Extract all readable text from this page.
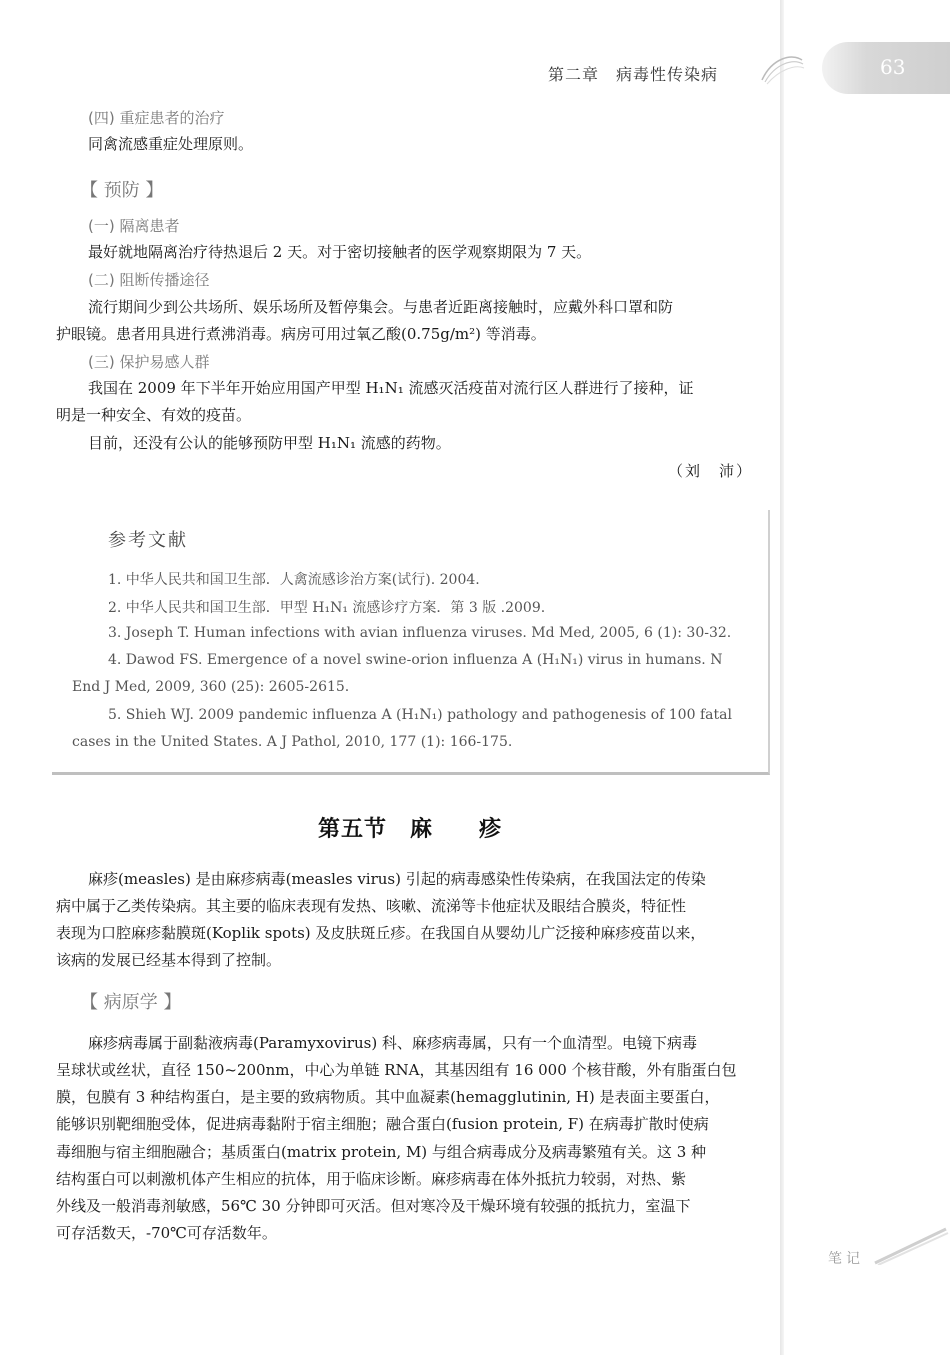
第二章　病毒性传染病	63
(四) 重症患者的治疗
同禽流感重症处理原则。
【 预防 】
(一) 隔离患者
最好就地隔离治疗待热退后 2 天。对于密切接触者的医学观察期限为 7 天。
(二) 阻断传播途径
流行期间少到公共场所、娱乐场所及暂停集会。与患者近距离接触时，应戴外科口罩和防
护眼镜。患者用具进行煮沸消毒。病房可用过氧乙酸(0.75g/m²) 等消毒。
(三) 保护易感人群
我国在 2009 年下半年开始应用国产甲型 H₁N₁ 流感灭活疫苗对流行区人群进行了接种，证
明是一种安全、有效的疫苗。
目前，还没有公认的能够预防甲型 H₁N₁ 流感的药物。
（刘　沛）
参考文献
1. 中华人民共和国卫生部．人禽流感诊治方案(试行). 2004.
2. 中华人民共和国卫生部．甲型 H₁N₁ 流感诊疗方案．第 3 版 .2009.
3. Joseph T. Human infections with avian influenza viruses. Md Med, 2005, 6 (1): 30-32.
4. Dawod FS. Emergence of a novel swine-orion influenza A (H₁N₁) virus in humans. N
End J Med, 2009, 360 (25): 2605-2615.
5. Shieh WJ. 2009 pandemic influenza A (H₁N₁) pathology and pathogenesis of 100 fatal
cases in the United States. A J Pathol, 2010, 177 (1): 166-175.
第五节　麻　　疹
麻疹(measles) 是由麻疹病毒(measles virus) 引起的病毒感染性传染病，在我国法定的传染
病中属于乙类传染病。其主要的临床表现有发热、咳嗽、流涕等卡他症状及眼结合膜炎，特征性
表现为口腔麻疹黏膜斑(Koplik spots) 及皮肤斑丘疹。在我国自从婴幼儿广泛接种麻疹疫苗以来，
该病的发展已经基本得到了控制。
【 病原学 】
麻疹病毒属于副黏液病毒(Paramyxovirus) 科、麻疹病毒属，只有一个血清型。电镜下病毒
呈球状或丝状，直径 150~200nm，中心为单链 RNA，其基因组有 16 000 个核苷酸，外有脂蛋白包
膜，包膜有 3 种结构蛋白，是主要的致病物质。其中血凝素(hemagglutinin, H) 是表面主要蛋白，
能够识别靶细胞受体，促进病毒黏附于宿主细胞；融合蛋白(fusion protein, F) 在病毒扩散时使病
毒细胞与宿主细胞融合；基质蛋白(matrix protein, M) 与组合病毒成分及病毒繁殖有关。这 3 种
结构蛋白可以刺激机体产生相应的抗体，用于临床诊断。麻疹病毒在体外抵抗力较弱，对热、紫
外线及一般消毒剂敏感，56℃ 30 分钟即可灭活。但对寒冷及干燥环境有较强的抵抗力，室温下
可存活数天，-70℃可存活数年。
笔记
